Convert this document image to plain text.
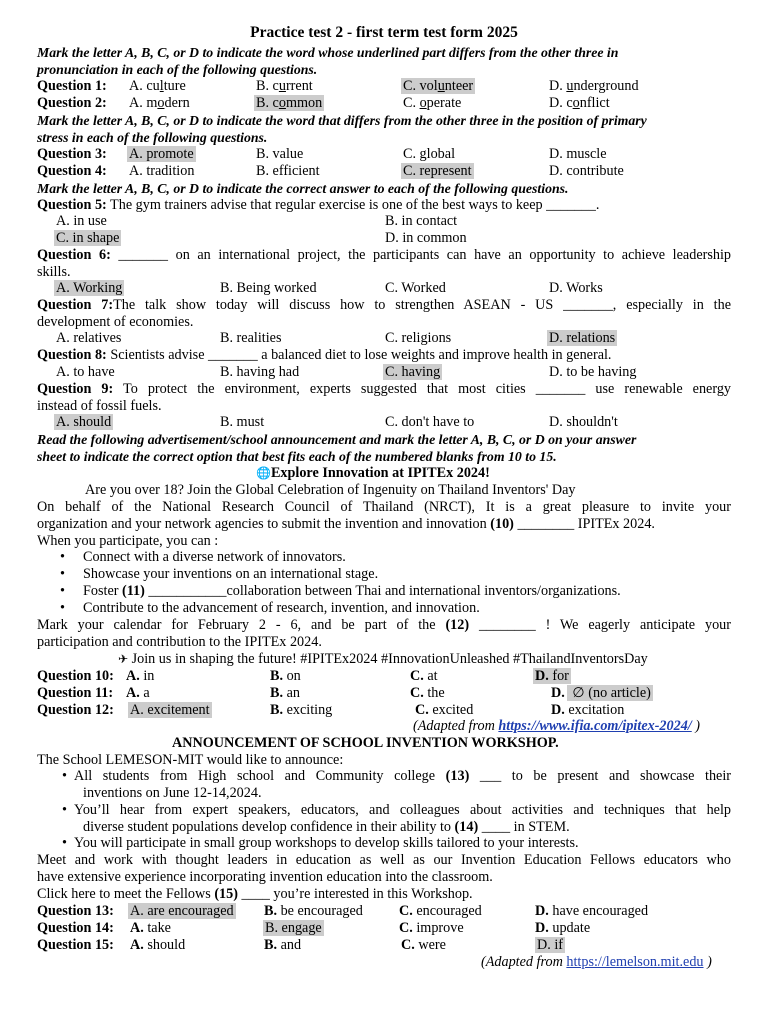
Practice test 2 - first term test form 2025
Mark the letter A, B, C, or D to indicate the word whose underlined part differs from the other three in
pronunciation in each of the following questions.
Question 1: A. culture	B. current	C. volunteer	D. underground
Question 2: A. modern	B. common	C. operate	D. conflict
Mark the letter A, B, C, or D to indicate the word that differs from the other three in the position of primary
stress in each of the following questions.
Question 3: A. promote	B. value	C. global	D. muscle
Question 4: A. tradition	B. efficient	C. represent	D. contribute
Mark the letter A, B, C, or D to indicate the correct answer to each of the following questions.
Question 5: The gym trainers advise that regular exercise is one of the best ways to keep _______.
A. in use	B. in contact
C. in shape	D. in common
Question 6: _______ on an international project, the participants can have an opportunity to achieve leadership
skills.
A. Working	B. Being worked	C. Worked	D. Works
Question 7:The talk show today will discuss how to strengthen ASEAN - US _______, especially in the
development of economies.
A. relatives	B. realities	C. religions	D. relations
Question 8: Scientists advise _______ a balanced diet to lose weights and improve health in general.
A. to have	B. having had	C. having	D. to be having
Question 9: To protect the environment, experts suggested that most cities _______ use renewable energy
instead of fossil fuels.
A. should	B. must	C. don't have to	D. shouldn't
Read the following advertisement/school announcement and mark the letter A, B, C, or D on your answer
sheet to indicate the correct option that best fits each of the numbered blanks from 10 to 15.
🌐Explore Innovation at IPITEx 2024!
Are you over 18? Join the Global Celebration of Ingenuity on Thailand Inventors' Day
On behalf of the National Research Council of Thailand (NRCT), It is a great pleasure to invite your
organization and your network agencies to submit the invention and innovation (10) ________ IPITEx 2024.
When you participate, you can :
• Connect with a diverse network of innovators.
• Showcase your inventions on an international stage.
• Foster (11) ___________collaboration between Thai and international inventors/organizations.
• Contribute to the advancement of research, invention, and innovation.
Mark your calendar for February 2 - 6, and be part of the (12) ________ ! We eagerly anticipate your
participation and contribution to the IPITEx 2024.
✈ Join us in shaping the future! #IPITEx2024 #InnovationUnleashed #ThailandInventorsDay
Question 10: A. in	B. on	C. at	D. for
Question 11: A. a	B. an	C. the	D. ∅ (no article)
Question 12: A. excitement	B. exciting	C. excited	D. excitation
(Adapted from https://www.ifia.com/ipitex-2024/ )
ANNOUNCEMENT OF SCHOOL INVENTION WORKSHOP.
The School LEMESON-MIT would like to announce:
• All students from High school and Community college (13) ___ to be present and showcase their
inventions on June 12-14,2024.
• You’ll hear from expert speakers, educators, and colleagues about activities and techniques that help
diverse student populations develop confidence in their ability to (14) ____ in STEM.
• You will participate in small group workshops to develop skills tailored to your interests.
Meet and work with thought leaders in education as well as our Invention Education Fellows educators who
have extensive experience incorporating invention education into the classroom.
Click here to meet the Fellows (15) ____ you’re interested in this Workshop.
Question 13: A. are encouraged B. be encouraged	C. encouraged	D. have encouraged
Question 14: A. take	B. engage	C. improve	D. update
Question 15: A. should	B. and	C. were	D. if
(Adapted from https://lemelson.mit.edu )
